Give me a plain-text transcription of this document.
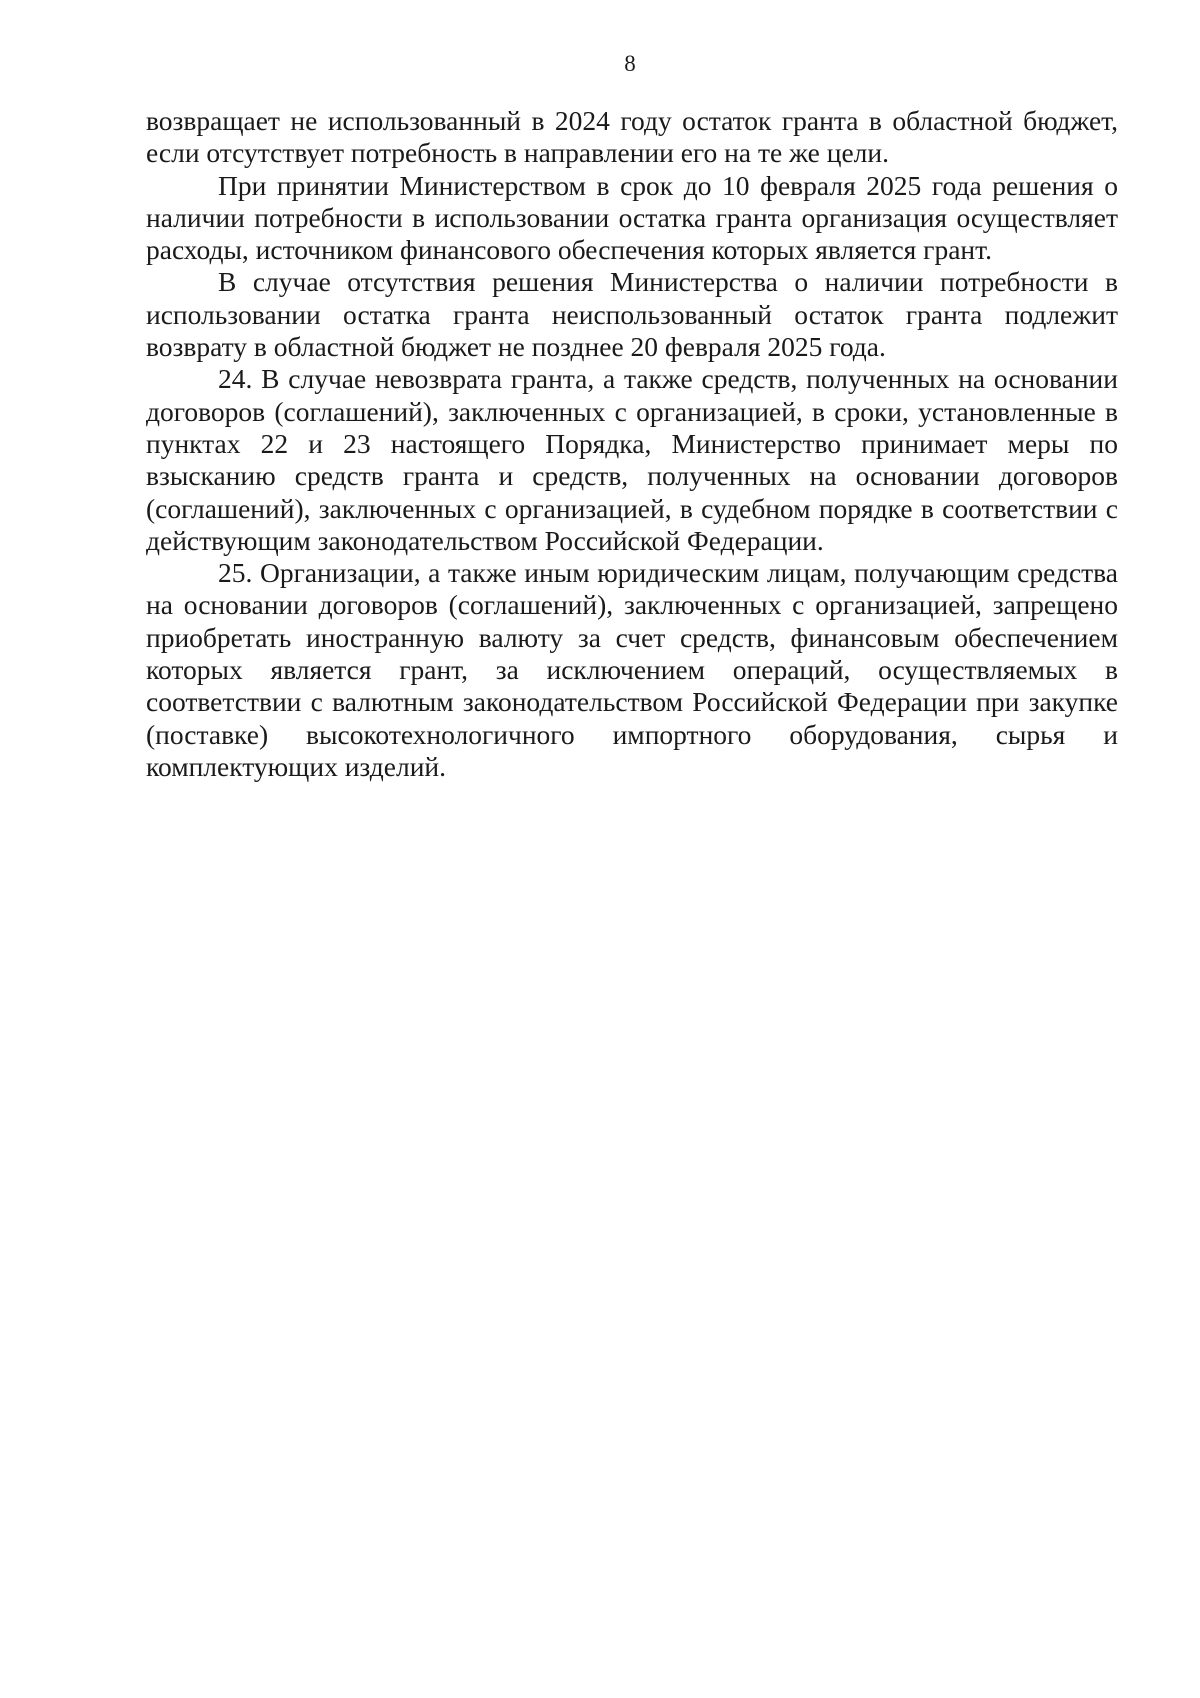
8

возвращает не использованный в 2024 году остаток гранта в областной бюджет, если отсутствует потребность в направлении его на те же цели.

При принятии Министерством в срок до 10 февраля 2025 года решения о наличии потребности в использовании остатка гранта организация осуществляет расходы, источником финансового обеспечения которых является грант.

В случае отсутствия решения Министерства о наличии потребности в использовании остатка гранта неиспользованный остаток гранта подлежит возврату в областной бюджет не позднее 20 февраля 2025 года.

24. В случае невозврата гранта, а также средств, полученных на основании договоров (соглашений), заключенных с организацией, в сроки, установленные в пунктах 22 и 23 настоящего Порядка, Министерство принимает меры по взысканию средств гранта и средств, полученных на основании договоров (соглашений), заключенных с организацией, в судебном порядке в соответствии с действующим законодательством Российской Федерации.

25. Организации, а также иным юридическим лицам, получающим средства на основании договоров (соглашений), заключенных с организацией, запрещено приобретать иностранную валюту за счет средств, финансовым обеспечением которых является грант, за исключением операций, осуществляемых в соответствии с валютным законодательством Российской Федерации при закупке (поставке) высокотехнологичного импортного оборудования, сырья и комплектующих изделий.
